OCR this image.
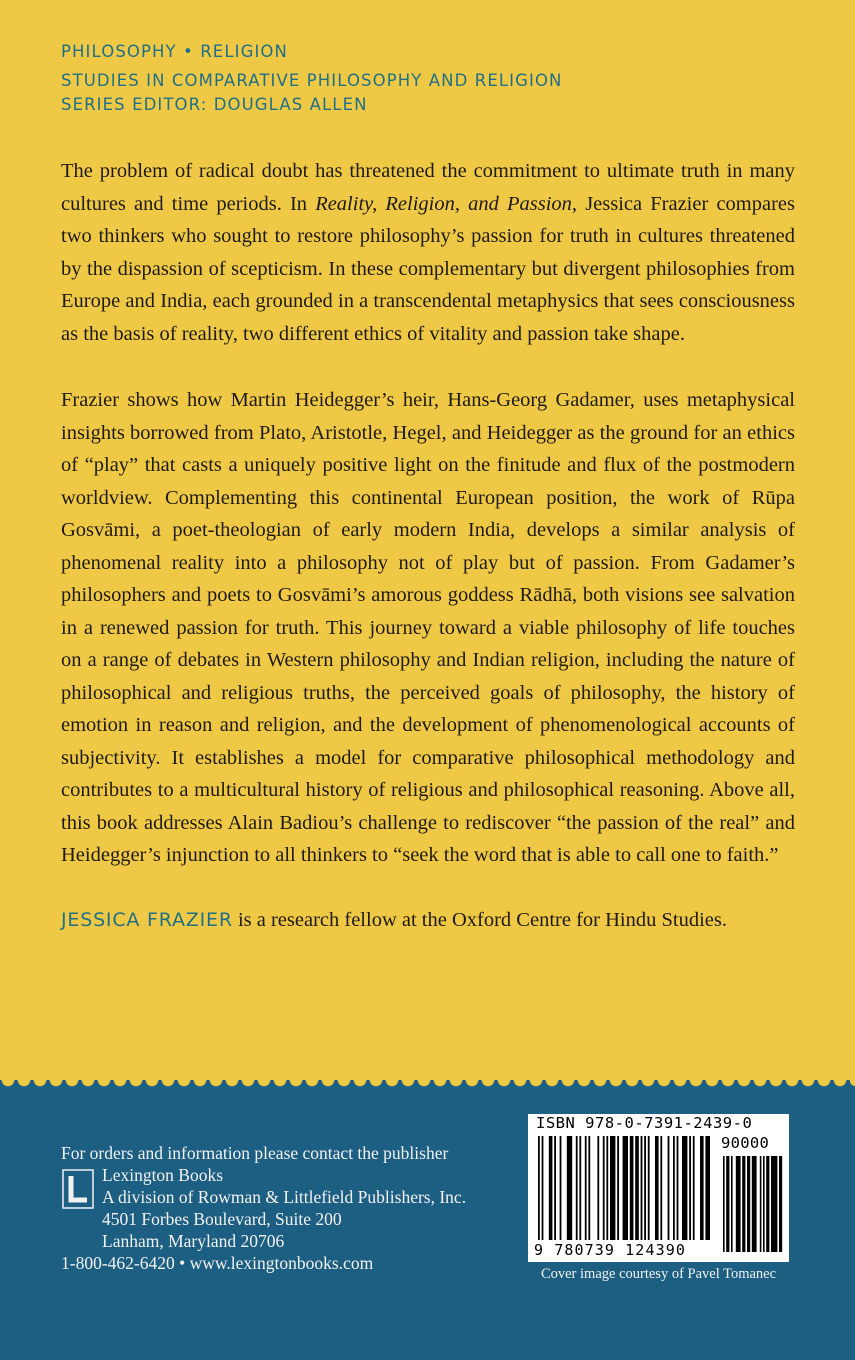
PHILOSOPHY • RELIGION
STUDIES IN COMPARATIVE PHILOSOPHY AND RELIGION
SERIES EDITOR: DOUGLAS ALLEN

The problem of radical doubt has threatened the commitment to ultimate truth in many cultures and time periods. In Reality, Religion, and Passion, Jessica Frazier compares two thinkers who sought to restore philosophy’s passion for truth in cultures threatened by the dispassion of scepticism. In these complementary but divergent philosophies from Europe and India, each grounded in a transcendental metaphysics that sees consciousness as the basis of reality, two different ethics of vitality and passion take shape.

Frazier shows how Martin Heidegger’s heir, Hans-Georg Gadamer, uses metaphysical insights borrowed from Plato, Aristotle, Hegel, and Heidegger as the ground for an ethics of “play” that casts a uniquely positive light on the finitude and flux of the postmodern worldview. Complementing this continental European position, the work of Rūpa Gosvāmi, a poet-theologian of early modern India, develops a similar analysis of phenomenal reality into a philosophy not of play but of passion. From Gadamer’s philosophers and poets to Gosvāmi’s amorous goddess Rādhā, both visions see salvation in a renewed passion for truth. This journey toward a viable philosophy of life touches on a range of debates in Western philosophy and Indian religion, including the nature of philosophical and religious truths, the perceived goals of philosophy, the history of emotion in reason and religion, and the development of phenomenological accounts of subjectivity. It establishes a model for comparative philosophical methodology and contributes to a multicultural history of religious and philosophical reasoning. Above all, this book addresses Alain Badiou’s challenge to rediscover “the passion of the real” and Heidegger’s injunction to all thinkers to “seek the word that is able to call one to faith.”

JESSICA FRAZIER is a research fellow at the Oxford Centre for Hindu Studies.

For orders and information please contact the publisher
Lexington Books
A division of Rowman & Littlefield Publishers, Inc.
4501 Forbes Boulevard, Suite 200
Lanham, Maryland 20706
1-800-462-6420 • www.lexingtonbooks.com
ISBN 978-0-7391-2439-0
90000
9 780739 124390
Cover image courtesy of Pavel Tomanec
